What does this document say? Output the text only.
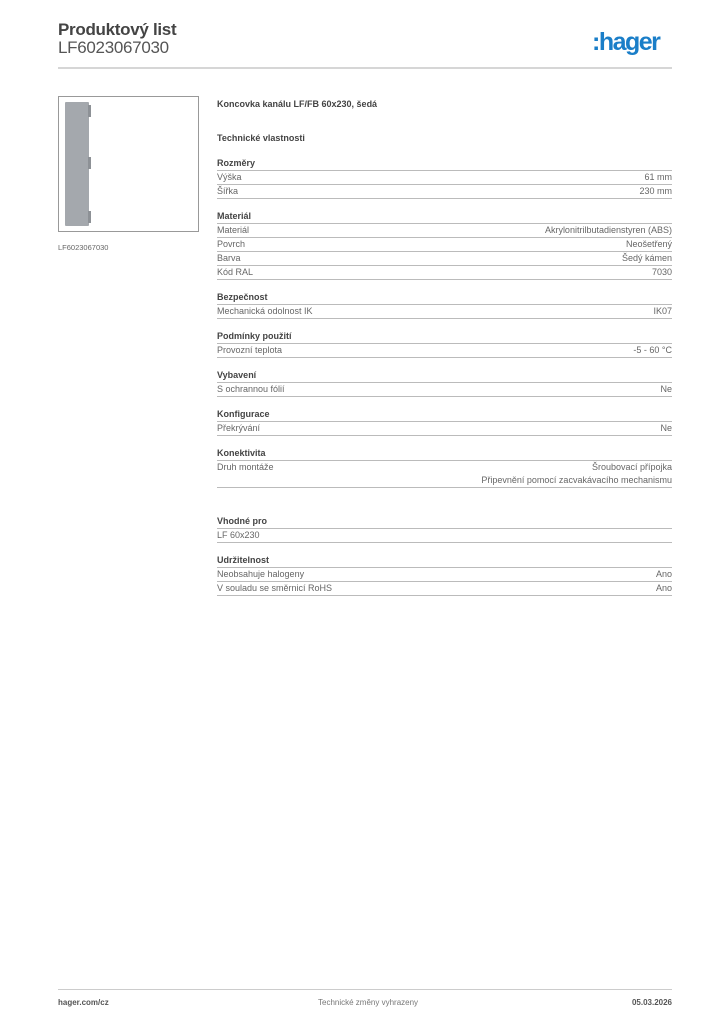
Produktový list
LF6023067030	:hager
LF6023067030
Koncovka kanálu LF/FB 60x230, šedá
Technické vlastnosti
Rozměry
Výška	61 mm
Šířka	230 mm
Materiál
Materiál	Akrylonitrilbutadienstyren (ABS)
Povrch	Neošetřený
Barva	Šedý kámen
Kód RAL	7030
Bezpečnost
Mechanická odolnost IK	IK07
Podmínky použití
Provozní teplota	-5 - 60 °C
Vybavení
S ochrannou fólií	Ne
Konfigurace
Překrývání	Ne
Konektivita
Druh montáže	Šroubovací přípojka
Připevnění pomocí zacvakávacího mechanismu
Vhodné pro
LF 60x230
Udržitelnost
Neobsahuje halogeny	Ano
V souladu se směrnicí RoHS	Ano
hager.com/cz	Technické změny vyhrazeny	05.03.2026
